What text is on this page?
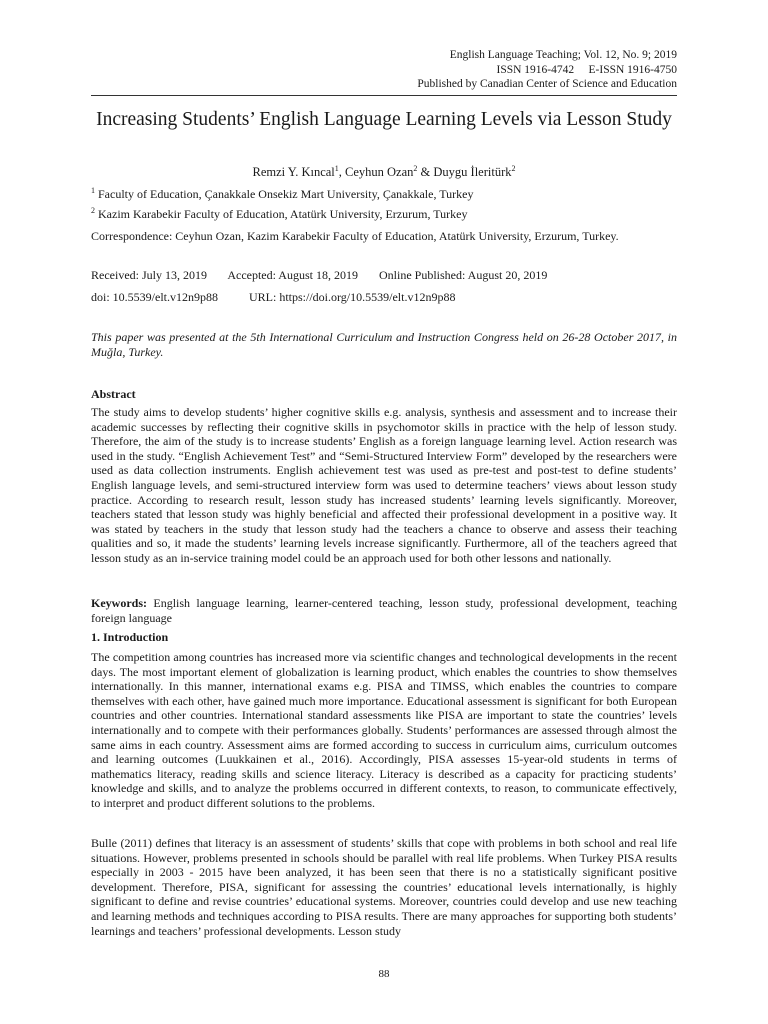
English Language Teaching; Vol. 12, No. 9; 2019
ISSN 1916-4742     E-ISSN 1916-4750
Published by Canadian Center of Science and Education
Increasing Students’ English Language Learning Levels via Lesson Study
Remzi Y. Kıncal$^1$, Ceyhun Ozan$^2$ & Duygu İleritürk$^2$
$^1$ Faculty of Education, Çanakkale Onsekiz Mart University, Çanakkale, Turkey
$^2$ Kazim Karabekir Faculty of Education, Atatürk University, Erzurum, Turkey
Correspondence: Ceyhun Ozan, Kazim Karabekir Faculty of Education, Atatürk University, Erzurum, Turkey.
Received: July 13, 2019 Accepted: August 18, 2019 Online Published: August 20, 2019
doi: 10.5539/elt.v12n9p88	URL: https://doi.org/10.5539/elt.v12n9p88
This paper was presented at the 5th International Curriculum and Instruction Congress held on 26-28 October 2017, in Muğla, Turkey.
Abstract
The study aims to develop students’ higher cognitive skills e.g. analysis, synthesis and assessment and to increase their academic successes by reflecting their cognitive skills in psychomotor skills in practice with the help of lesson study. Therefore, the aim of the study is to increase students’ English as a foreign language learning level. Action research was used in the study. “English Achievement Test” and “Semi-Structured Interview Form” developed by the researchers were used as data collection instruments. English achievement test was used as pre-test and post-test to define students’ English language levels, and semi-structured interview form was used to determine teachers’ views about lesson study practice. According to research result, lesson study has increased students’ learning levels significantly. Moreover, teachers stated that lesson study was highly beneficial and affected their professional development in a positive way. It was stated by teachers in the study that lesson study had the teachers a chance to observe and assess their teaching qualities and so, it made the students’ learning levels increase significantly. Furthermore, all of the teachers agreed that lesson study as an in-service training model could be an approach used for both other lessons and nationally.
Keywords: English language learning, learner-centered teaching, lesson study, professional development, teaching foreign language
1. Introduction
The competition among countries has increased more via scientific changes and technological developments in the recent days. The most important element of globalization is learning product, which enables the countries to show themselves internationally. In this manner, international exams e.g. PISA and TIMSS, which enables the countries to compare themselves with each other, have gained much more importance. Educational assessment is significant for both European countries and other countries. International standard assessments like PISA are important to state the countries’ levels internationally and to compete with their performances globally. Students’ performances are assessed through almost the same aims in each country. Assessment aims are formed according to success in curriculum aims, curriculum outcomes and learning outcomes (Luukkainen et al., 2016). Accordingly, PISA assesses 15-year-old students in terms of mathematics literacy, reading skills and science literacy. Literacy is described as a capacity for practicing students’ knowledge and skills, and to analyze the problems occurred in different contexts, to reason, to communicate effectively, to interpret and product different solutions to the problems.
Bulle (2011) defines that literacy is an assessment of students’ skills that cope with problems in both school and real life situations. However, problems presented in schools should be parallel with real life problems. When Turkey PISA results especially in 2003 - 2015 have been analyzed, it has been seen that there is no a statistically significant positive development. Therefore, PISA, significant for assessing the countries’ educational levels internationally, is highly significant to define and revise countries’ educational systems. Moreover, countries could develop and use new teaching and learning methods and techniques according to PISA results. There are many approaches for supporting both students’ learnings and teachers’ professional developments. Lesson study
88
